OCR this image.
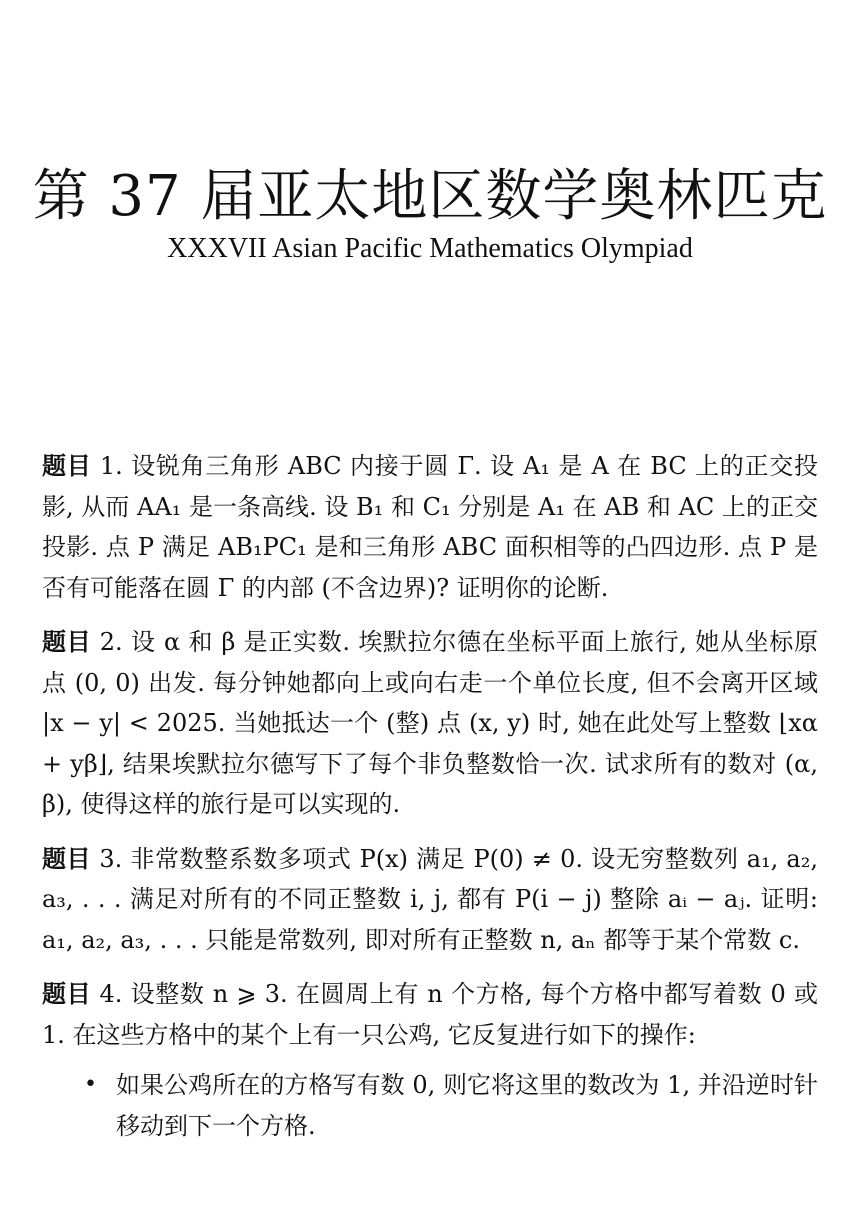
第 37 届亚太地区数学奥林匹克
XXXVII Asian Pacific Mathematics Olympiad

题目 1. 设锐角三角形 ABC 内接于圆 Γ. 设 A₁ 是 A 在 BC 上的正交投影, 从而 AA₁ 是一条高线. 设 B₁ 和 C₁ 分别是 A₁ 在 AB 和 AC 上的正交投影. 点 P 满足 AB₁PC₁ 是和三角形 ABC 面积相等的凸四边形. 点 P 是否有可能落在圆 Γ 的内部 (不含边界)? 证明你的论断.

题目 2. 设 α 和 β 是正实数. 埃默拉尔德在坐标平面上旅行, 她从坐标原点 (0, 0) 出发. 每分钟她都向上或向右走一个单位长度, 但不会离开区域 |x − y| < 2025. 当她抵达一个 (整) 点 (x, y) 时, 她在此处写上整数 ⌊xα + yβ⌋, 结果埃默拉尔德写下了每个非负整数恰一次. 试求所有的数对 (α, β), 使得这样的旅行是可以实现的.

题目 3. 非常数整系数多项式 P(x) 满足 P(0) ≠ 0. 设无穷整数列 a₁, a₂, a₃, . . . 满足对所有的不同正整数 i, j, 都有 P(i − j) 整除 aᵢ − aⱼ. 证明: a₁, a₂, a₃, . . . 只能是常数列, 即对所有正整数 n, aₙ 都等于某个常数 c.

题目 4. 设整数 n ⩾ 3. 在圆周上有 n 个方格, 每个方格中都写着数 0 或 1. 在这些方格中的某个上有一只公鸡, 它反复进行如下的操作:

• 如果公鸡所在的方格写有数 0, 则它将这里的数改为 1, 并沿逆时针移动到下一个方格.
